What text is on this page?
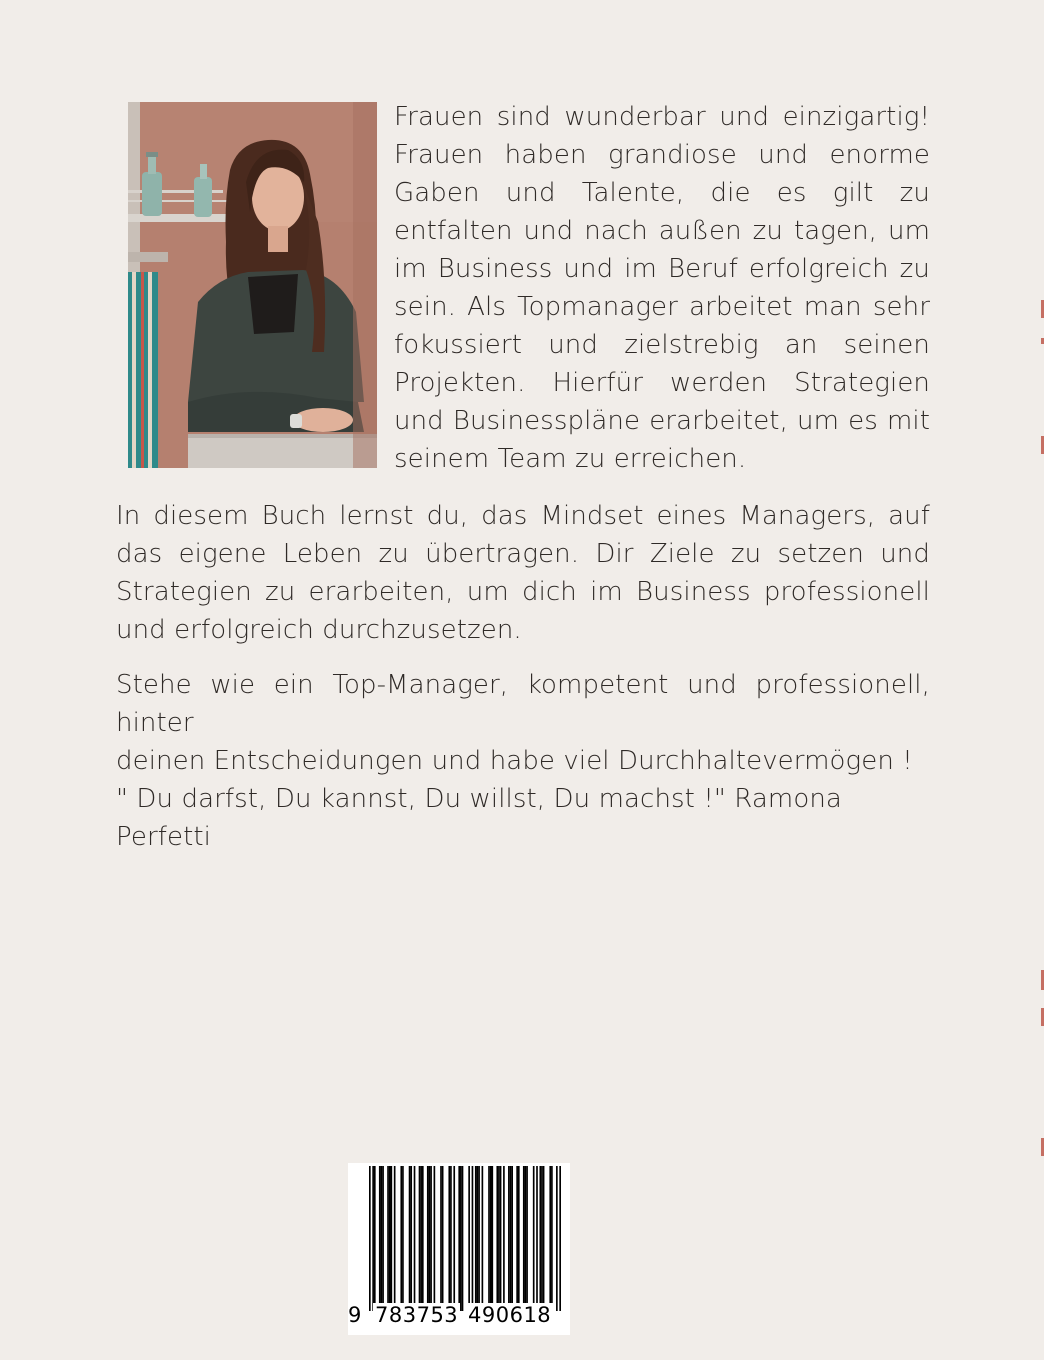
Frauen sind wunderbar und einzigartig! Frauen haben grandiose und enorme Gaben und Talente, die es gilt zu entfalten und nach außen zu tagen, um im Business und im Beruf erfolgreich zu sein. Als Topmanager arbeitet man sehr fokussiert und zielstrebig an seinen Projekten. Hierfür werden Strategien und Businesspläne erarbeitet, um es mit seinem Team zu erreichen.
In diesem Buch lernst du, das Mindset eines Managers, auf das eigene Leben zu übertragen. Dir Ziele zu setzen und Strategien zu erarbeiten, um dich im Business professionell und erfolgreich durchzusetzen.

Stehe wie ein Top-Manager, kompetent und professionell, hinter

deinen Entscheidungen und habe viel Durchhaltevermögen !

" Du darfst, Du kannst, Du willst, Du machst !" Ramona Perfetti

9 783753 490618
